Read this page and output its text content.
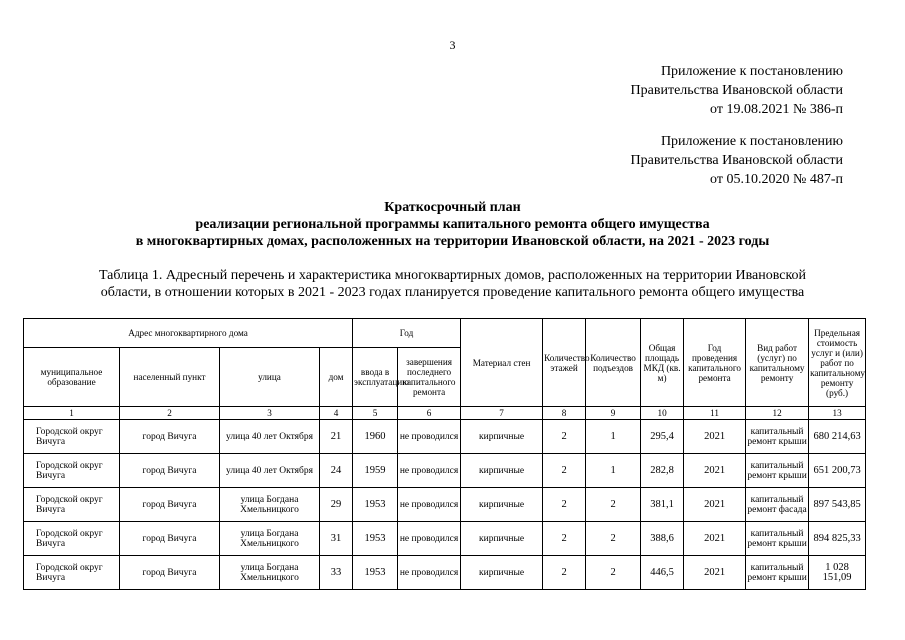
3
Приложение к постановлению
Правительства Ивановской области
от 19.08.2021 № 386-п
Приложение к постановлению
Правительства Ивановской области
от 05.10.2020 № 487-п
Краткосрочный план
реализации региональной программы капитального ремонта общего имущества
в многоквартирных домах, расположенных на территории Ивановской области, на 2021 - 2023 годы
Таблица 1. Адресный перечень и характеристика многоквартирных домов, расположенных на территории Ивановской
области, в отношении которых в 2021 - 2023 годах планируется проведение капитального ремонта общего имущества
Адрес многоквартирного дома				Год		Материал стен	Количество этажей	Количество подъездов	Общая площадь МКД (кв. м)	Год проведения капитального ремонта	Вид работ (услуг) по капитальному ремонту	Предельная стоимость услуг и (или) работ по капитальному ремонту (руб.)
муниципальное образование	населенный пункт	улица	дом	ввода в эксплуатацию	завершения последнего капитального ремонта							
1	2	3	4	5	6	7	8	9	10	11	12	13
Городской округ Вичуга	город Вичуга	улица 40 лет Октября	21	1960	не проводился	кирпичные	2	1	295,4	2021	капитальный ремонт крыши	680 214,63
Городской округ Вичуга	город Вичуга	улица 40 лет Октября	24	1959	не проводился	кирпичные	2	1	282,8	2021	капитальный ремонт крыши	651 200,73
Городской округ Вичуга	город Вичуга	улица Богдана Хмельницкого	29	1953	не проводился	кирпичные	2	2	381,1	2021	капитальный ремонт фасада	897 543,85
Городской округ Вичуга	город Вичуга	улица Богдана Хмельницкого	31	1953	не проводился	кирпичные	2	2	388,6	2021	капитальный ремонт крыши	894 825,33
Городской округ Вичуга	город Вичуга	улица Богдана Хмельницкого	33	1953	не проводился	кирпичные	2	2	446,5	2021	капитальный ремонт крыши	1 028 151,09
